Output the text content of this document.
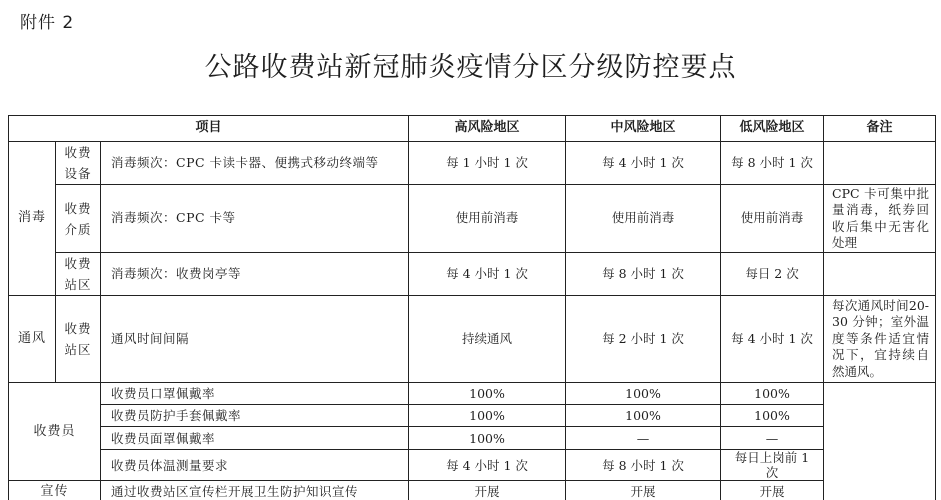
附件 2
公路收费站新冠肺炎疫情分区分级防控要点
项目			高风险地区	中风险地区	低风险地区	备注
消毒	收费设备	消毒频次：CPC 卡读卡器、便携式移动终端等	每 1 小时 1 次	每 4 小时 1 次	每 8 小时 1 次	
	收费介质	消毒频次：CPC 卡等	使用前消毒	使用前消毒	使用前消毒	CPC 卡可集中批量消毒，纸券回收后集中无害化处理
	收费站区	消毒频次：收费岗亭等	每 4 小时 1 次	每 8 小时 1 次	每日 2 次	
通风	收费站区	通风时间间隔	持续通风	每 2 小时 1 次	每 4 小时 1 次	每次通风时间20-30 分钟；室外温度等条件适宜情况下，宜持续自然通风。
收费员		收费员口罩佩戴率	100%	100%	100%	
		收费员防护手套佩戴率	100%	100%	100%	
		收费员面罩佩戴率	100%	—	—	
		收费员体温测量要求	每 4 小时 1 次	每 8 小时 1 次	每日上岗前 1 次	
宣传		通过收费站区宣传栏开展卫生防护知识宣传	开展	开展	开展	
